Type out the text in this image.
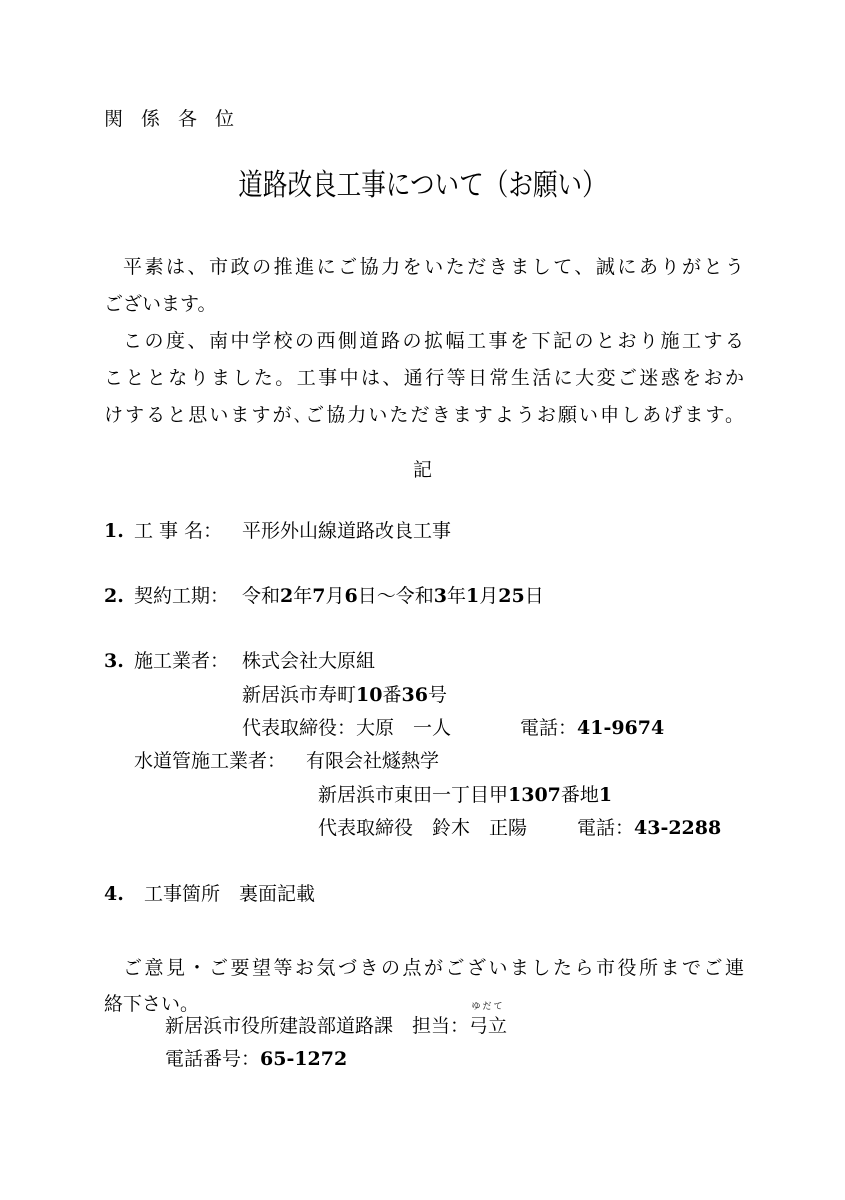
関係各位
道路改良工事について（お願い）
平素は、市政の推進にご協力をいただきまして、誠にありがとう
ございます。
この度、南中学校の西側道路の拡幅工事を下記のとおり施工する
こととなりました。工事中は、通行等日常生活に大変ご迷惑をおか
けすると思いますが､ご協力いただきますようお願い申しあげます。
記
1. 工 事 名： 平形外山線道路改良工事
2. 契約工期： 令和2年7月6日～令和3年1月25日
3. 施工業者： 株式会社大原組
新居浜市寿町10番36号
代表取締役：大原　一人	電話：41-9674
水道管施工業者： 有限会社燧熱学
新居浜市東田一丁目甲1307番地1
代表取締役　鈴木　正陽	電話：43-2288
4. 工事箇所　裏面記載
ご意見・ご要望等お気づきの点がございましたら市役所までご連
絡下さい。
新居浜市役所建設部道路課　担当：
ゆだて
弓立
電話番号：65-1272
